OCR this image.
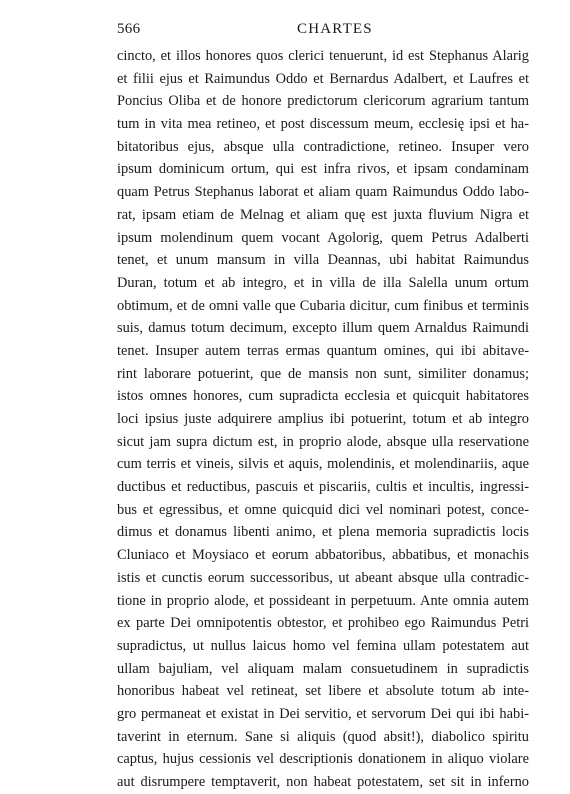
566	CHARTES
cincto, et illos honores quos clerici tenuerunt, id est Stephanus Alarig
et filii ejus et Raimundus Oddo et Bernardus Adalbert, et Laufres et
Poncius Oliba et de honore predictorum clericorum agrarium tantum
tum in vita mea retineo, et post discessum meum, ecclesię ipsi et ha-
bitatoribus ejus, absque ulla contradictione, retineo. Insuper vero
ipsum dominicum ortum, qui est infra rivos, et ipsam condaminam
quam Petrus Stephanus laborat et aliam quam Raimundus Oddo labo-
rat, ipsam etiam de Melnag et aliam quę est juxta fluvium Nigra et
ipsum molendinum quem vocant Agolorig, quem Petrus Adalberti
tenet, et unum mansum in villa Deannas, ubi habitat Raimundus
Duran, totum et ab integro, et in villa de illa Salella unum ortum
obtimum, et de omni valle que Cubaria dicitur, cum finibus et terminis
suis, damus totum decimum, excepto illum quem Arnaldus Raimundi
tenet. Insuper autem terras ermas quantum omines, qui ibi abitave-
rint laborare potuerint, que de mansis non sunt, similiter donamus;
istos omnes honores, cum supradicta ecclesia et quicquit habitatores
loci ipsius juste adquirere amplius ibi potuerint, totum et ab integro
sicut jam supra dictum est, in proprio alode, absque ulla reservatione
cum terris et vineis, silvis et aquis, molendinis, et molendinariis, aque
ductibus et reductibus, pascuis et piscariis, cultis et incultis, ingressi-
bus et egressibus, et omne quicquid dici vel nominari potest, conce-
dimus et donamus libenti animo, et plena memoria supradictis locis
Cluniaco et Moysiaco et eorum abbatoribus, abbatibus, et monachis
istis et cunctis eorum successoribus, ut abeant absque ulla contradic-
tione in proprio alode, et possideant in perpetuum. Ante omnia autem
ex parte Dei omnipotentis obtestor, et prohibeo ego Raimundus Petri
supradictus, ut nullus laicus homo vel femina ullam potestatem aut
ullam bajuliam, vel aliquam malam consuetudinem in supradictis
honoribus habeat vel retineat, set libere et absolute totum ab inte-
gro permaneat et existat in Dei servitio, et servorum Dei qui ibi habi-
taverint in eternum. Sane si aliquis (quod absit!), diabolico spiritu
captus, hujus cessionis vel descriptionis donationem in aliquo violare
aut disrumpere temptaverit, non habeat potestatem, set sit in inferno
